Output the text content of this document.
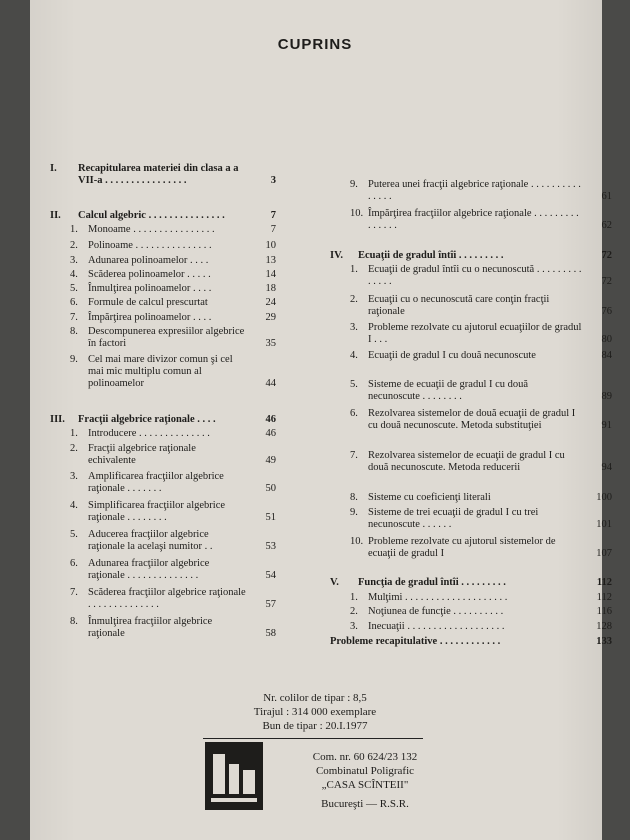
CUPRINS
I. Recapitularea materiei din clasa a a VII-a . . . . . . . . . . . . . . . .	3
II. Calcul algebric . . . . . . . . . . . . . . .	7
1. Monoame . . . . . . . . . . . . . . . .	7
2. Polinoame . . . . . . . . . . . . . . .	10
3. Adunarea polinoamelor . . . .	13
4. Scăderea polinoamelor . . . . .	14
5. Înmulţirea polinoamelor . . . .	18
6. Formule de calcul prescurtat	24
7. Împărţirea polinoamelor . . . .	29
8. Descompunerea expresiilor algebrice în factori	35
9. Cel mai mare divizor comun şi cel mai mic multiplu comun al polinoamelor	44
III. Fracţii algebrice raţionale . . . .	46
1. Introducere . . . . . . . . . . . . . .	46
2. Fracţii algebrice raţionale echivalente	49
3. Amplificarea fracţiilor algebrice raţionale . . . . . . .	50
4. Simplificarea fracţiilor algebrice raţionale . . . . . . . .	51
5. Aducerea fracţiilor algebrice raţionale la acelaşi numitor . .	53
6. Adunarea fracţiilor algebrice raţionale . . . . . . . . . . . . . .	54
7. Scăderea fracţiilor algebrice raţionale . . . . . . . . . . . . . .	57
8. Înmulţirea fracţiilor algebrice raţionale	58
9. Puterea unei fracţii algebrice raţionale . . . . . . . . . . . . . . .	61
10. Împărţirea fracţiilor algebrice raţionale . . . . . . . . . . . . . . .	62
IV. Ecuaţii de gradul întîi . . . . . . . . .	72
1. Ecuaţii de gradul întîi cu o necunoscută . . . . . . . . . . . . . .	72
2. Ecuaţii cu o necunoscută care conţin fracţii raţionale	76
3. Probleme rezolvate cu ajutorul ecuaţiilor de gradul I . . .	80
4. Ecuaţii de gradul I cu două necunoscute	84
5. Sisteme de ecuaţii de gradul I cu două necunoscute . . . . . . . .	89
6. Rezolvarea sistemelor de două ecuaţii de gradul I cu două necunoscute. Metoda substituţiei	91
7. Rezolvarea sistemelor de ecuaţii de gradul I cu două necunoscute. Metoda reducerii	94
8. Sisteme cu coeficienţi literali	100
9. Sisteme de trei ecuaţii de gradul I cu trei necunoscute . . . . . .	101
10. Probleme rezolvate cu ajutorul sistemelor de ecuaţii de gradul I	107
V. Funcţia de gradul întîi . . . . . . . . .	112
1. Mulţimi . . . . . . . . . . . . . . . . . . . .	112
2. Noţiunea de funcţie . . . . . . . . . .	116
3. Inecuaţii . . . . . . . . . . . . . . . . . . .	128
Probleme recapitulative . . . . . . . . . . . .	133
Nr. colilor de tipar : 8,5
Tirajul : 314 000 exemplare
Bun de tipar : 20.I.1977
Com. nr. 60 624/23 132
Combinatul Poligrafic
„CASA SCÎNTEII"
Bucureşti — R.S.R.
